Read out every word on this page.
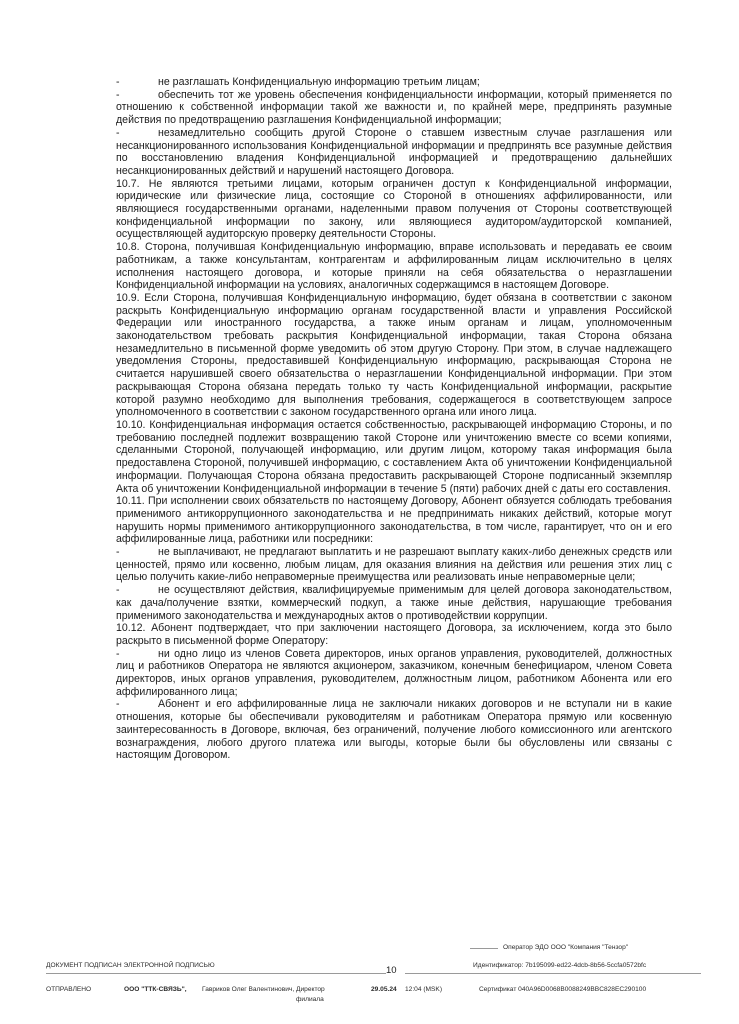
-	не разглашать Конфиденциальную информацию третьим лицам;

-	обеспечить тот же уровень обеспечения конфиденциальности информации, который применяется по отношению к собственной информации такой же важности и, по крайней мере, предпринять разумные действия по предотвращению разглашения Конфиденциальной информации;

-	незамедлительно сообщить другой Стороне о ставшем известным случае разглашения или несанкционированного использования Конфиденциальной информации и предпринять все разумные действия по восстановлению владения Конфиденциальной информацией и предотвращению дальнейших несанкционированных действий и нарушений настоящего Договора.

10.7. Не являются третьими лицами, которым ограничен доступ к Конфиденциальной информации, юридические или физические лица, состоящие со Стороной в отношениях аффилированности, или являющиеся государственными органами, наделенными правом получения от Стороны соответствующей конфиденциальной информации по закону, или являющиеся аудитором/аудиторской компанией, осуществляющей аудиторскую проверку деятельности Стороны.

10.8. Сторона, получившая Конфиденциальную информацию, вправе использовать и передавать ее своим работникам, а также консультантам, контрагентам и аффилированным лицам исключительно в целях исполнения настоящего договора, и которые приняли на себя обязательства о неразглашении Конфиденциальной информации на условиях, аналогичных содержащимся в настоящем Договоре.

10.9. Если Сторона, получившая Конфиденциальную информацию, будет обязана в соответствии с законом раскрыть Конфиденциальную информацию органам государственной власти и управления Российской Федерации или иностранного государства, а также иным органам и лицам, уполномоченным законодательством требовать раскрытия Конфиденциальной информации, такая Сторона обязана незамедлительно в письменной форме уведомить об этом другую Сторону. При этом, в случае надлежащего уведомления Стороны, предоставившей Конфиденциальную информацию, раскрывающая Сторона не считается нарушившей своего обязательства о неразглашении Конфиденциальной информации. При этом раскрывающая Сторона обязана передать только ту часть Конфиденциальной информации, раскрытие которой разумно необходимо для выполнения требования, содержащегося в соответствующем запросе уполномоченного в соответствии с законом государственного органа или иного лица.

10.10. Конфиденциальная информация остается собственностью, раскрывающей информацию Стороны, и по требованию последней подлежит возвращению такой Стороне или уничтожению вместе со всеми копиями, сделанными Стороной, получающей информацию, или другим лицом, которому такая информация была предоставлена Стороной, получившей информацию, с составлением Акта об уничтожении Конфиденциальной информации. Получающая Сторона обязана предоставить раскрывающей Стороне подписанный экземпляр Акта об уничтожении Конфиденциальной информации в течение 5 (пяти) рабочих дней с даты его составления.

10.11. При исполнении своих обязательств по настоящему Договору, Абонент обязуется соблюдать требования применимого антикоррупционного законодательства и не предпринимать никаких действий, которые могут нарушить нормы применимого антикоррупционного законодательства, в том числе, гарантирует, что он и его аффилированные лица, работники или посредники:

-	не выплачивают, не предлагают выплатить и не разрешают выплату каких-либо денежных средств или ценностей, прямо или косвенно, любым лицам, для оказания влияния на действия или решения этих лиц с целью получить какие-либо неправомерные преимущества или реализовать иные неправомерные цели;

-	не осуществляют действия, квалифицируемые применимым для целей договора законодательством, как дача/получение взятки, коммерческий подкуп, а также иные действия, нарушающие требования применимого законодательства и международных актов о противодействии коррупции.

10.12. Абонент подтверждает, что при заключении настоящего Договора, за исключением, когда это было раскрыто в письменной форме Оператору:

-	ни одно лицо из членов Совета директоров, иных органов управления, руководителей, должностных лиц и работников Оператора не являются акционером, заказчиком, конечным бенефициаром, членом Совета директоров, иных органов управления, руководителем, должностным лицом, работником Абонента или его аффилированного лица;

-	Абонент и его аффилированные лица не заключали никаких договоров и не вступали ни в какие отношения, которые бы обеспечивали руководителям и работникам Оператора прямую или косвенную заинтересованность в Договоре, включая, без ограничений, получение любого комиссионного или агентского вознаграждения, любого другого платежа или выгоды, которые были бы обусловлены или связаны с настоящим Договором.

Оператор ЭДО ООО "Компания "Тензор"
ДОКУМЕНТ ПОДПИСАН ЭЛЕКТРОННОЙ ПОДПИСЬЮ	10	Идентификатор: 7b195099-ed22-4dcb-8b56-5ccfa0572bfc
ОТПРАВЛЕНО	ООО "ТТК-СВЯЗЬ", Гавриков Олег Валентинович, Директор
филиала
29.05.24 12:04 (MSK)	Сертификат 040A96D0068B0088249BBC828EC290100
